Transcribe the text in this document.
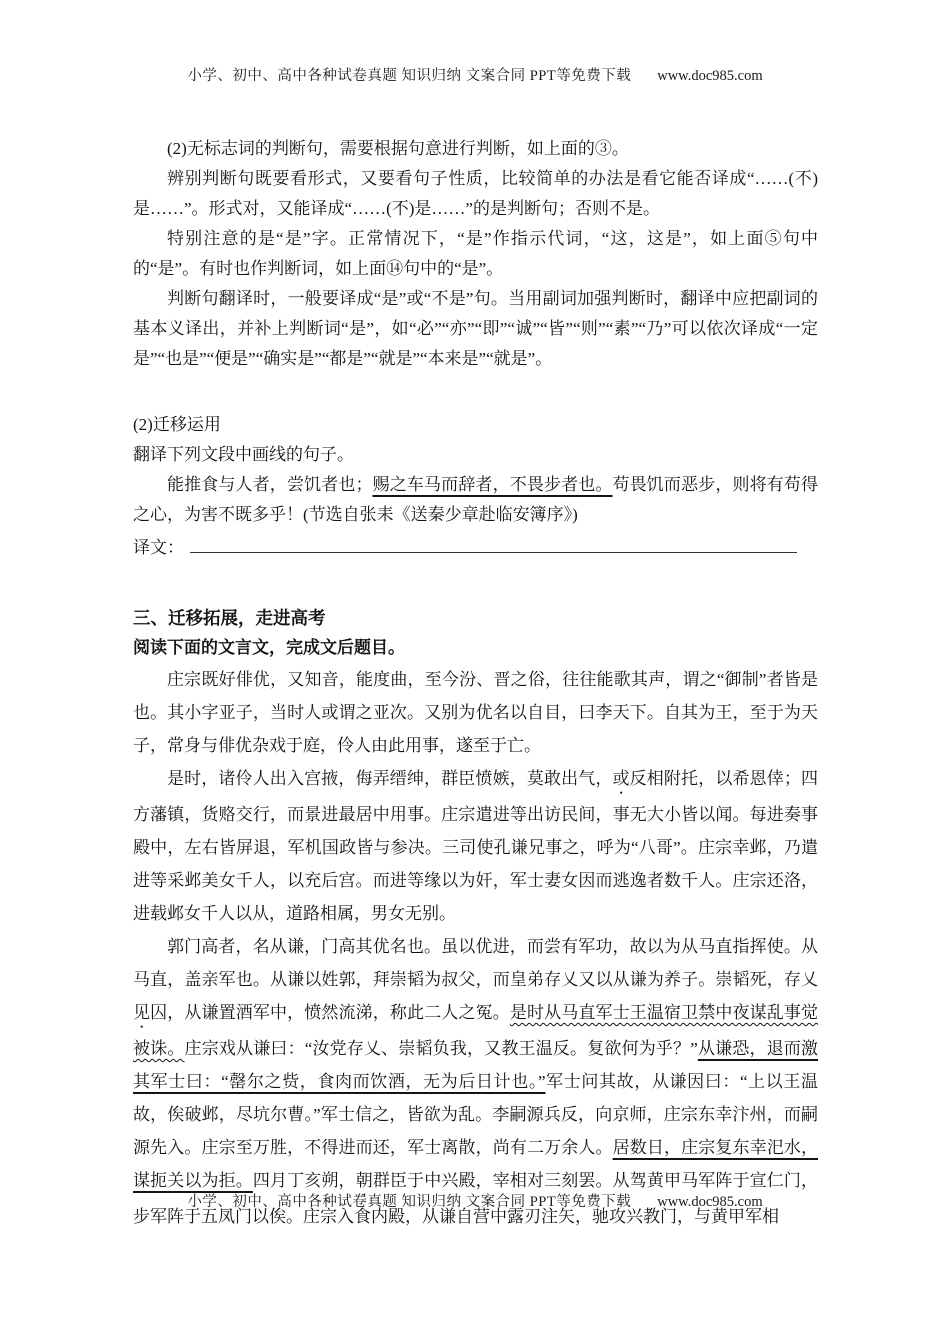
小学、初中、高中各种试卷真题 知识归纳 文案合同 PPT等免费下载 www.doc985.com

(2)无标志词的判断句，需要根据句意进行判断，如上面的③。

辨别判断句既要看形式，又要看句子性质，比较简单的办法是看它能否译成“……(不)是……”。形式对，又能译成“……(不)是……”的是判断句；否则不是。

特别注意的是“是”字。正常情况下，“是”作指示代词，“这，这是”，如上面⑤句中的“是”。有时也作判断词，如上面⑭句中的“是”。

判断句翻译时，一般要译成“是”或“不是”句。当用副词加强判断时，翻译中应把副词的基本义译出，并补上判断词“是”，如“必”“亦”“即”“诚”“皆”“则”“素”“乃”可以依次译成“一定是”“也是”“便是”“确实是”“都是”“就是”“本来是”“就是”。

(2)迁移运用

翻译下列文段中画线的句子。

能推食与人者，尝饥者也；赐之车马而辞者，不畏步者也。苟畏饥而恶步，则将有苟得之心，为害不既多乎！(节选自张耒《送秦少章赴临安簿序》)

译文：

三、迁移拓展，走进高考

阅读下面的文言文，完成文后题目。

庄宗既好俳优，又知音，能度曲，至今汾、晋之俗，往往能歌其声，谓之“御制”者皆是也。其小字亚子，当时人或谓之亚次。又别为优名以自目，曰李天下。自其为王，至于为天子，常身与俳优杂戏于庭，伶人由此用事，遂至于亡。

是时，诸伶人出入宫掖，侮弄缙绅，群臣愤嫉，莫敢出气，或反相附托，以希恩倖；四方藩镇，货赂交行，而景进最居中用事。庄宗遣进等出访民间，事无大小皆以闻。每进奏事殿中，左右皆屏退，军机国政皆与参决。三司使孔谦兄事之，呼为“八哥”。庄宗幸邺，乃遣进等采邺美女千人，以充后宫。而进等缘以为奸，军士妻女因而逃逸者数千人。庄宗还洛，进载邺女千人以从，道路相属，男女无别。

郭门高者，名从谦，门高其优名也。虽以优进，而尝有军功，故以为从马直指挥使。从马直，盖亲军也。从谦以姓郭，拜崇韬为叔父，而皇弟存乂又以从谦为养子。崇韬死，存乂见囚，从谦置酒军中，愤然流涕，称此二人之冤。是时从马直军士王温宿卫禁中夜谋乱事觉被诛。庄宗戏从谦曰：“汝党存乂、崇韬负我，又教王温反。复欲何为乎？”从谦恐，退而激其军士曰：“罄尔之赀，食肉而饮酒，无为后日计也。”军士问其故，从谦因曰：“上以王温故，俟破邺，尽坑尔曹。”军士信之，皆欲为乱。李嗣源兵反，向京师，庄宗东幸汴州，而嗣源先入。庄宗至万胜，不得进而还，军士离散，尚有二万余人。居数日，庄宗复东幸汜水，谋扼关以为拒。四月丁亥朔，朝群臣于中兴殿，宰相对三刻罢。从驾黄甲马军阵于宣仁门，步军阵于五凤门以俟。庄宗入食内殿，从谦自营中露刃注矢，驰攻兴教门，与黄甲军相

小学、初中、高中各种试卷真题 知识归纳 文案合同 PPT等免费下载 www.doc985.com
